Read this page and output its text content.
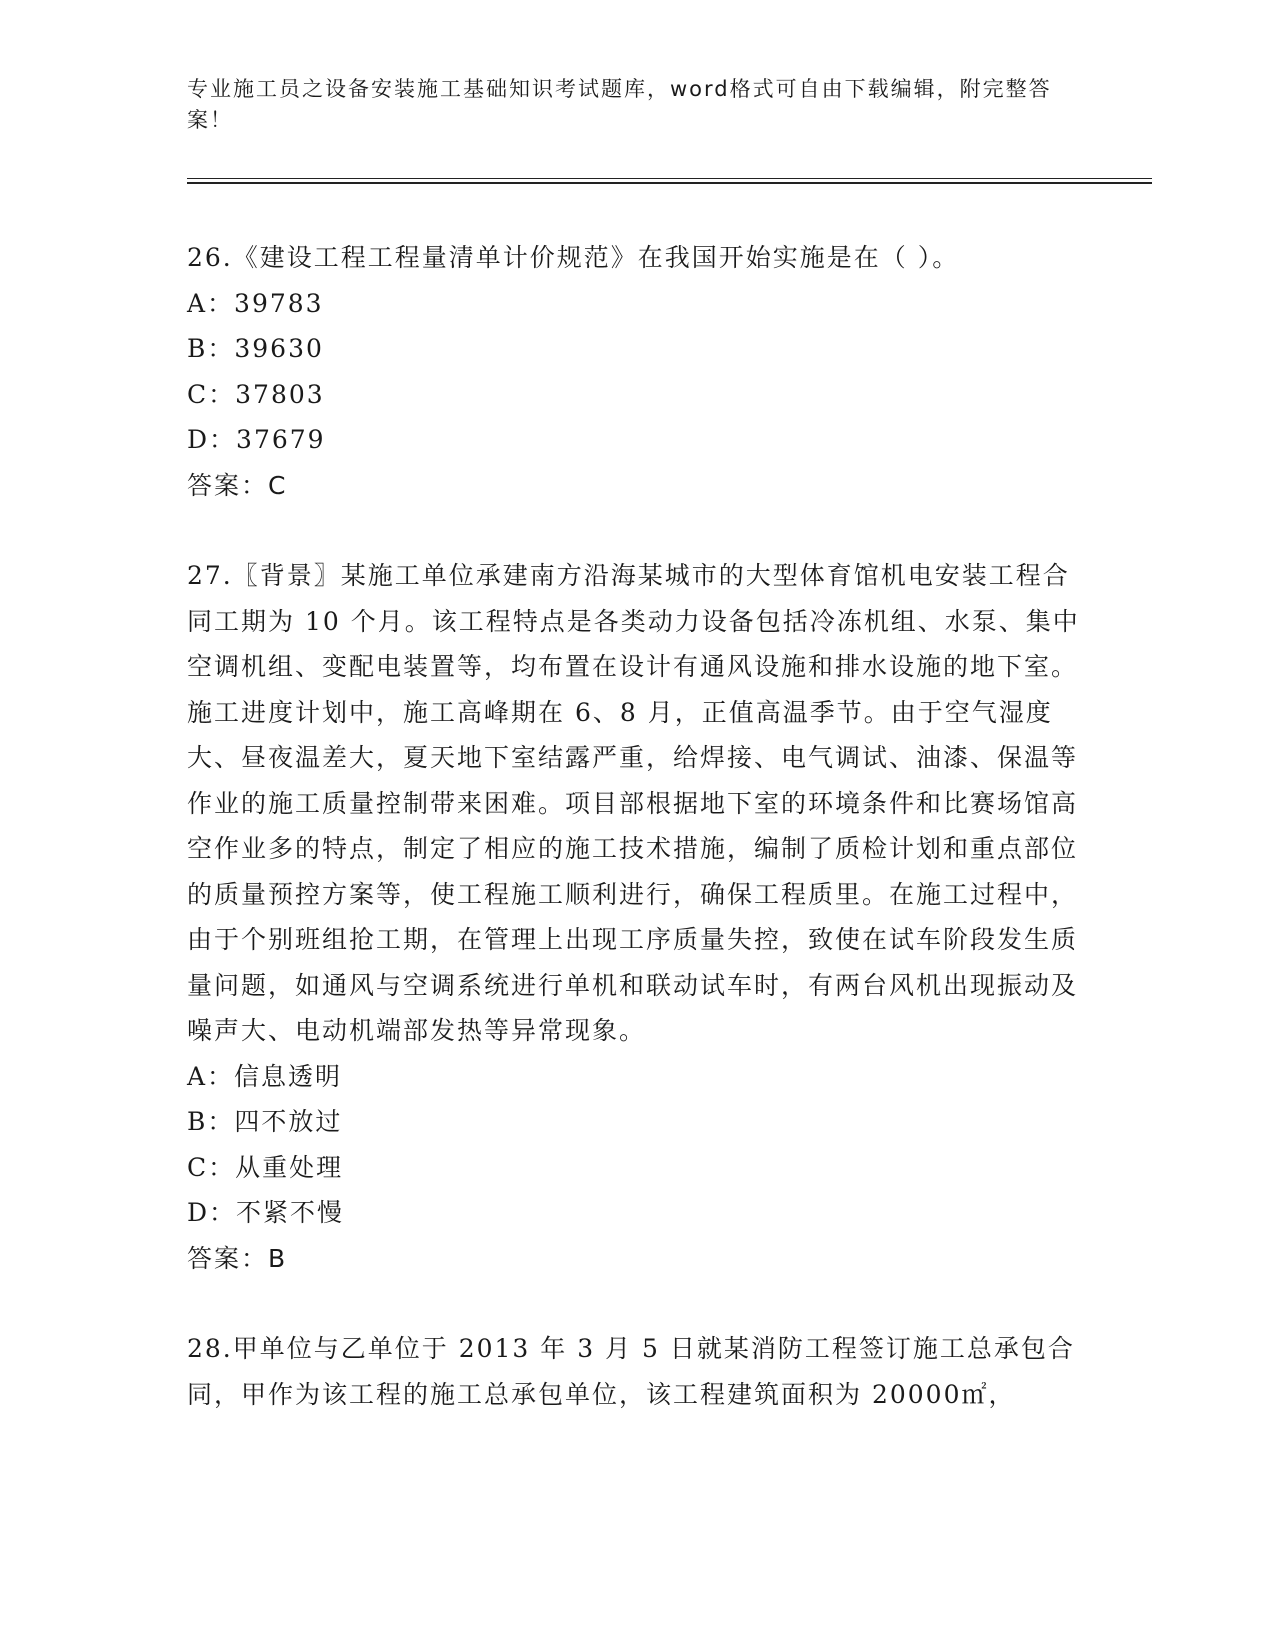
专业施工员之设备安装施工基础知识考试题库，word格式可自由下载编辑，附完整答案！

26.《建设工程工程量清单计价规范》在我国开始实施是在（ ）。

A：39783

B：39630

C：37803

D：37679

答案：C

27.〖背景〗某施工单位承建南方沿海某城市的大型体育馆机电安装工程合同工期为 10 个月。该工程特点是各类动力设备包括冷冻机组、水泵、集中空调机组、变配电装置等，均布置在设计有通风设施和排水设施的地下室。施工进度计划中，施工高峰期在 6、8 月，正值高温季节。由于空气湿度大、昼夜温差大，夏天地下室结露严重，给焊接、电气调试、油漆、保温等作业的施工质量控制带来困难。项目部根据地下室的环境条件和比赛场馆高空作业多的特点，制定了相应的施工技术措施，编制了质检计划和重点部位的质量预控方案等，使工程施工顺利进行，确保工程质里。在施工过程中，由于个别班组抢工期，在管理上出现工序质量失控，致使在试车阶段发生质量问题，如通风与空调系统进行单机和联动试车时，有两台风机出现振动及噪声大、电动机端部发热等异常现象。

A：信息透明

B：四不放过

C：从重处理

D：不紧不慢

答案：B

28.甲单位与乙单位于 2013 年 3 月 5 日就某消防工程签订施工总承包合同，甲作为该工程的施工总承包单位，该工程建筑面积为 20000㎡，
